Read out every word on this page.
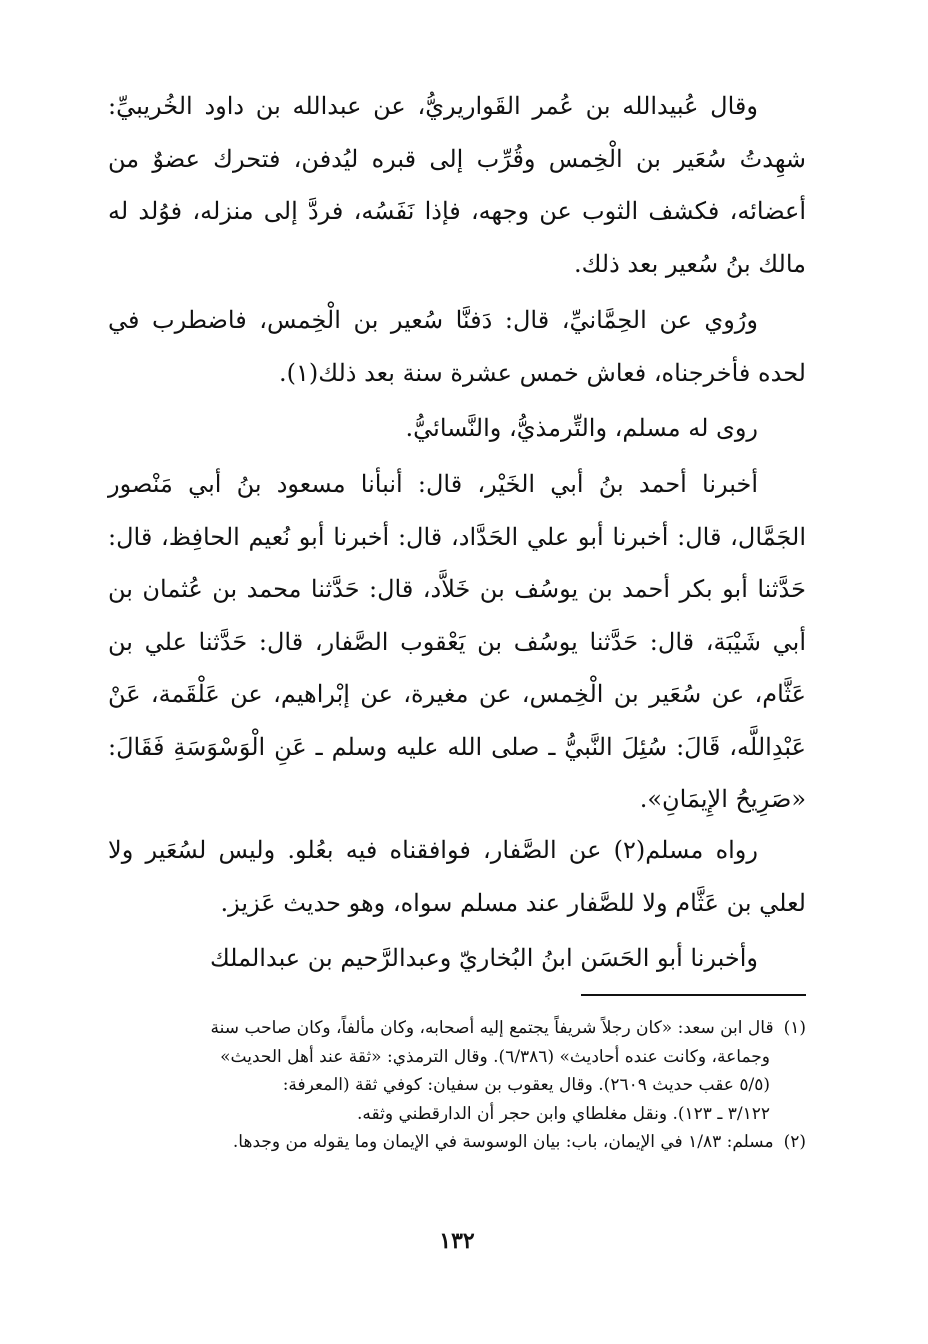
وقال عُبيدالله بن عُمر القَواريريُّ، عن عبدالله بن داود الخُريبيِّ: شهِدتُ سُعَير بن الْخِمس وقُرِّب إلى قبره ليُدفن، فتحرك عضوٌ من أعضائه، فكشف الثوب عن وجهه، فإذا نَفَسُه، فردَّ إلى منزله، فوُلد له مالك بنُ سُعير بعد ذلك.

ورُوي عن الحِمَّانيِّ، قال: دَفنَّا سُعير بن الْخِمس، فاضطرب في لحده فأخرجناه، فعاش خمس عشرة سنة بعد ذلك(١).

روى له مسلم، والتِّرمذيُّ، والنَّسائيُّ.

أخبرنا أحمد بنُ أبي الخَيْر، قال: أنبأنا مسعود بنُ أبي مَنْصور الجَمَّال، قال: أخبرنا أبو علي الحَدَّاد، قال: أخبرنا أبو نُعيم الحافِظ، قال: حَدَّثنا أبو بكر أحمد بن يوسُف بن خَلاَّد، قال: حَدَّثنا محمد بن عُثمان بن أبي شَيْبَة، قال: حَدَّثنا يوسُف بن يَعْقوب الصَّفار، قال: حَدَّثنا علي بن عَثَّام، عن سُعَير بن الْخِمس، عن مغيرة، عن إبْراهيم، عن عَلْقَمة، عَنْ عَبْدِاللَّه، قَالَ: سُئِلَ النَّبيُّ ـ صلى الله عليه وسلم ـ عَنِ الْوَسْوَسَةِ فَقَالَ: «صَرِيحُ الإِيمَانِ».

رواه مسلم(٢) عن الصَّفار، فوافقناه فيه بعُلو. وليس لسُعَير ولا لعلي بن عَثَّام ولا للصَّفار عند مسلم سواه، وهو حديث عَزيز.

وأخبرنا أبو الحَسَن ابنُ البُخاريّ وعبدالرَّحيم بن عبدالملك

(١)قال ابن سعد: «كان رجلاً شريفاً يجتمع إليه أصحابه، وكان مألفاً، وكان صاحب سنة
وجماعة، وكانت عنده أحاديث» (٦/٣٨٦). وقال الترمذي: «ثقة عند أهل الحديث»
(٥/٥ عقب حديث ٢٦٠٩). وقال يعقوب بن سفيان: كوفي ثقة (المعرفة:
٣/١٢٢ ـ ١٢٣). ونقل مغلطاي وابن حجر أن الدارقطني وثقه.
(٢)مسلم: ١/٨٣ في الإيمان، باب: بيان الوسوسة في الإيمان وما يقوله من وجدها.
١٣٢
